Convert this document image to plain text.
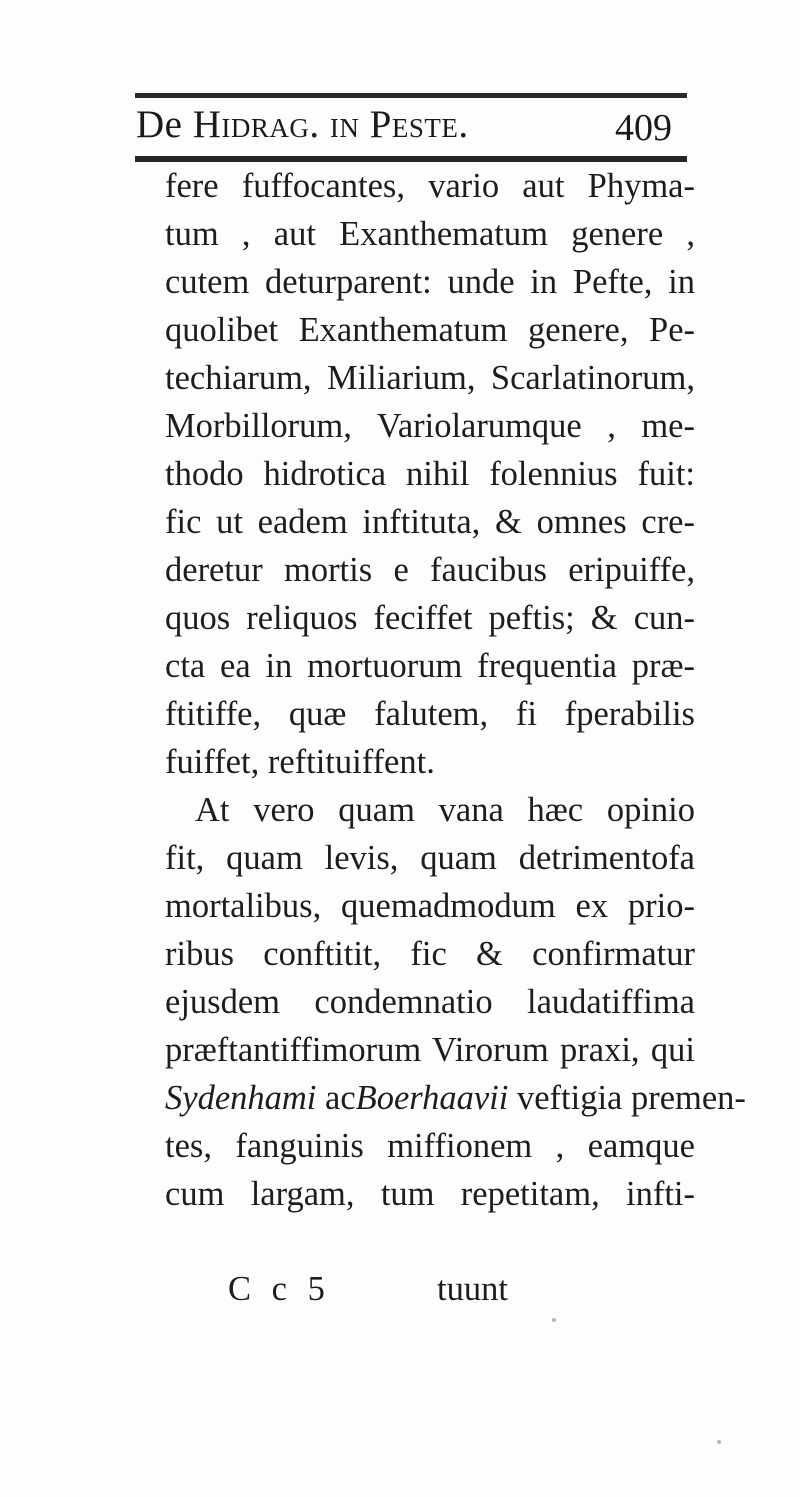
De Hidrag. in Peste.	409
fere fuffocantes, vario aut Phyma-
tum , aut Exanthematum genere ,
cutem deturparent: unde in Pefte, in
quolibet Exanthematum genere, Pe-
techiarum, Miliarium, Scarlatinorum,
Morbillorum, Variolarumque , me-
thodo hidrotica nihil folennius fuit:
fic ut eadem inftituta, & omnes cre-
deretur mortis e faucibus eripuiffe,
quos reliquos feciffet peftis; & cun-
cta ea in mortuorum frequentia præ-
ftitiffe, quæ falutem, fi fperabilis
fuiffet, reftituiffent.
At vero quam vana hæc opinio
fit, quam levis, quam detrimentofa
mortalibus, quemadmodum ex prio-
ribus conftitit, fic & confirmatur
ejusdem condemnatio laudatiffima
præftantiffimorum Virorum praxi, qui
Sydenhami acBoerhaavii veftigia premen-
tes, fanguinis miffionem , eamque
cum largam, tum repetitam, infti-
C c 5	tuunt
